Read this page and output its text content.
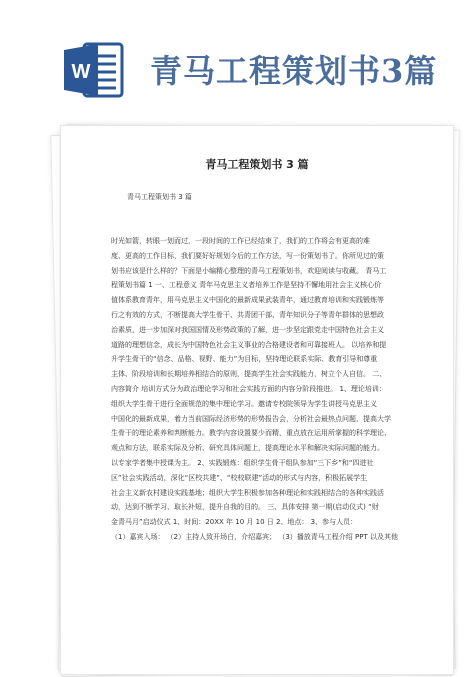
W 青马工程策划书3篇
青马工程策划书 3 篇
青马工程策划书 3 篇
时光如箭，转眼一划而过，一段时间的工作已经结束了，我们的工作将会有更高的难
度、更高的工作目标，我们要好好规划今后的工作方法，写一份策划书了。你所见过的策
划书应该是什么样的？下面是小编精心整理的青马工程策划书，欢迎阅读与收藏。 青马工
程策划书篇 1 一、工程意义 青年马克思主义者培养工作是坚持不懈地用社会主义核心价
值体系教育青年，用马克思主义中国化的最新成果武装青年，通过教育培训和实践锻炼等
行之有效的方式，不断提高大学生骨干、共青团干部、青年知识分子等青年群体的思想政
治素质，进一步加深对我国国情及形势政策的了解，进一步坚定跟党走中国特色社会主义
道路的理想信念，成长为中国特色社会主义事业的合格建设者和可靠接班人。 以培养和提
升学生骨干的“信念、品格、视野、能力”为目标，坚持理论联系实际、教育引导和尊重
主体、阶段培训和长期培养相结合的原则，提高学生社会实践能力，树立个人自信。 二、
内容简介 培训方式分为政治理论学习和社会实践方面的内容分阶段推进。 1、理论培训：
组织大学生骨干进行全面规范的集中理论学习。邀请专校院领导为学生讲授马克思主义
中国化的最新成果，着力当前国际经济形势的形势报告会，分析社会最热点问题，提高大学
生骨干的理论素养和判断能力。教学内容设置要少而精，重点放在运用所掌握的科学理论、
观点和方法，联系实际及分析、研究具体问题上，提高理论水平和解决实际问题的能力。
以专家学者集中授课为主。 2、实践锻炼：组织学生骨干组队参加“三下乡”和“四进社
区”社会实践活动，深化“区校共建”、“校校联建”活动的形式与内容，积极拓展学生
社会主义新农村建设实践基地；组织大学生积极参加各种理论和实践相结合的各种实践活
动，达到不断学习、取长补短，提升自我的目的。 三、具体安排 第一期(启动仪式) “财
金青马月”启动仪式 1、时间：20XX 年 10 月 10 日 2、地点： 3、参与人员：
（1）嘉宾入场： （2）主持人致开场白，介绍嘉宾； （3）播放青马工程介绍 PPT 以及其他
